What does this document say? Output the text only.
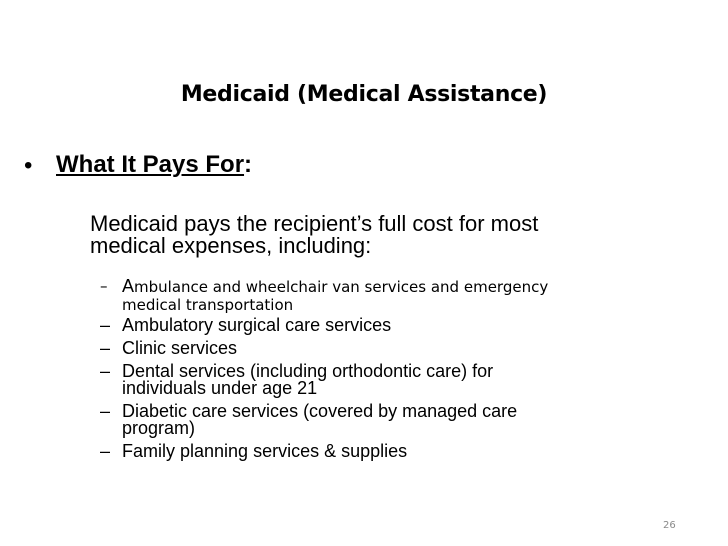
Medicaid (Medical Assistance)
• What It Pays For:
Medicaid pays the recipient’s full cost for most
medical expenses, including:
– Ambulance and wheelchair van services and emergency
medical transportation
– Ambulatory surgical care services
– Clinic services
– Dental services (including orthodontic care) for
individuals under age 21
– Diabetic care services (covered by managed care
program)
– Family planning services & supplies
26
